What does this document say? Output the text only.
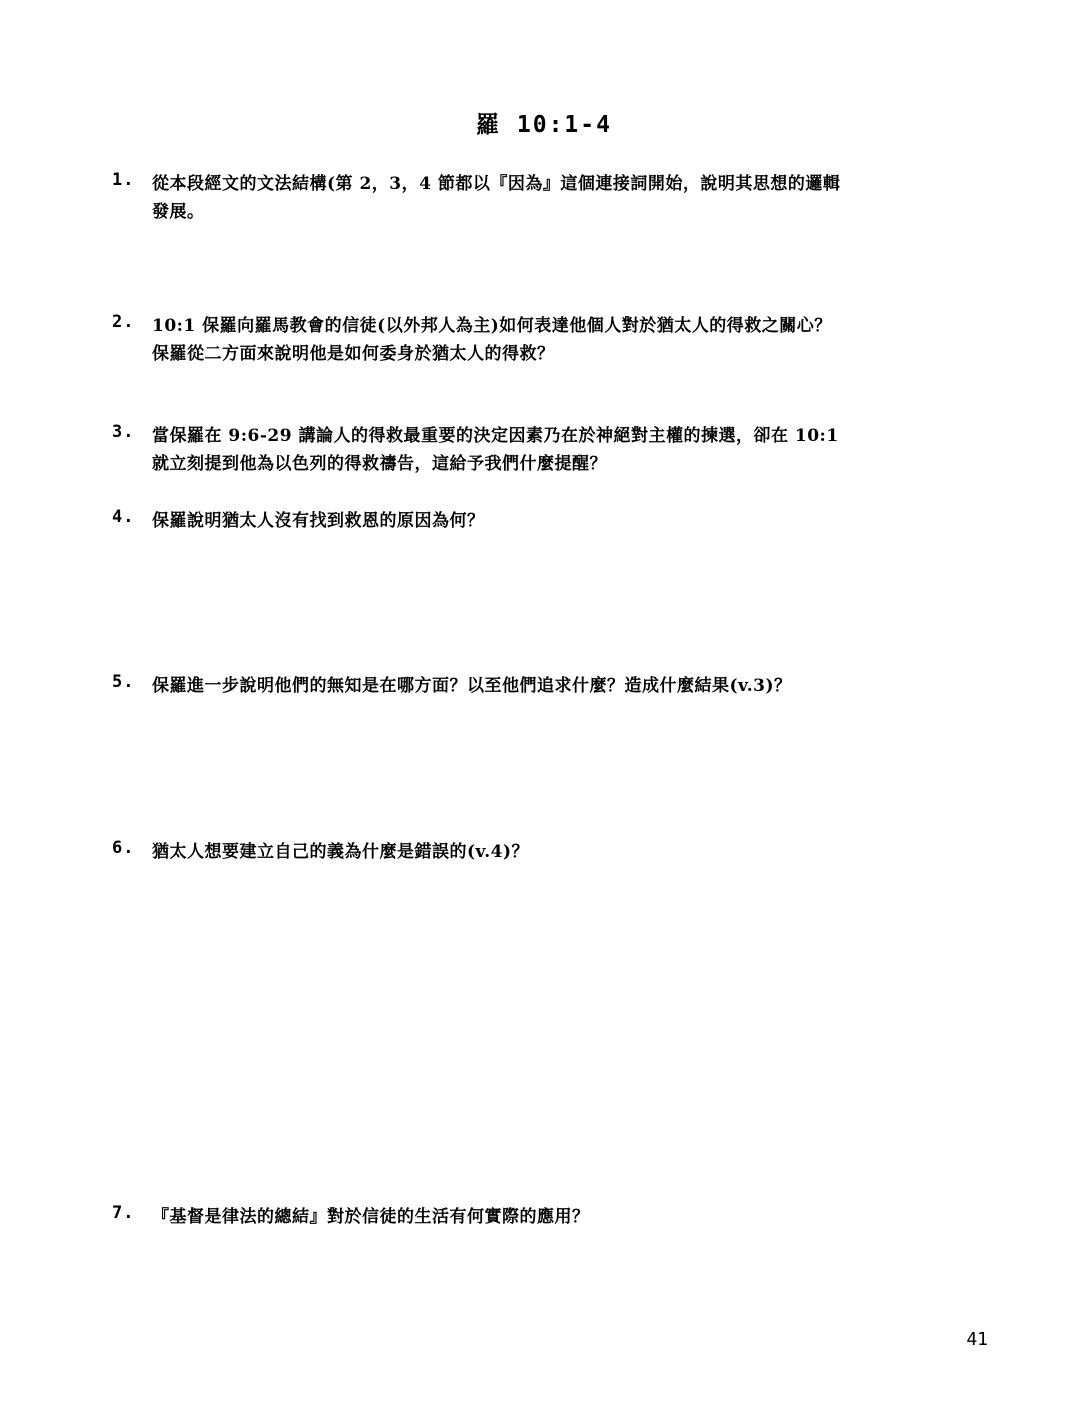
羅 10:1-4
1.	從本段經文的文法結構(第 2，3，4 節都以『因為』這個連接詞開始，說明其思想的邏輯
發展。
2.	10:1 保羅向羅馬教會的信徒(以外邦人為主)如何表達他個人對於猶太人的得救之關心？
保羅從二方面來說明他是如何委身於猶太人的得救？
3.	當保羅在 9:6-29 講論人的得救最重要的決定因素乃在於神絕對主權的揀選，卻在 10:1
就立刻提到他為以色列的得救禱告，這給予我們什麼提醒？
4.	保羅說明猶太人沒有找到救恩的原因為何？
5.	保羅進一步說明他們的無知是在哪方面？以至他們追求什麼？造成什麼結果(v.3)？
6.	猶太人想要建立自己的義為什麼是錯誤的(v.4)？
7.	『基督是律法的總結』對於信徒的生活有何實際的應用？
41
